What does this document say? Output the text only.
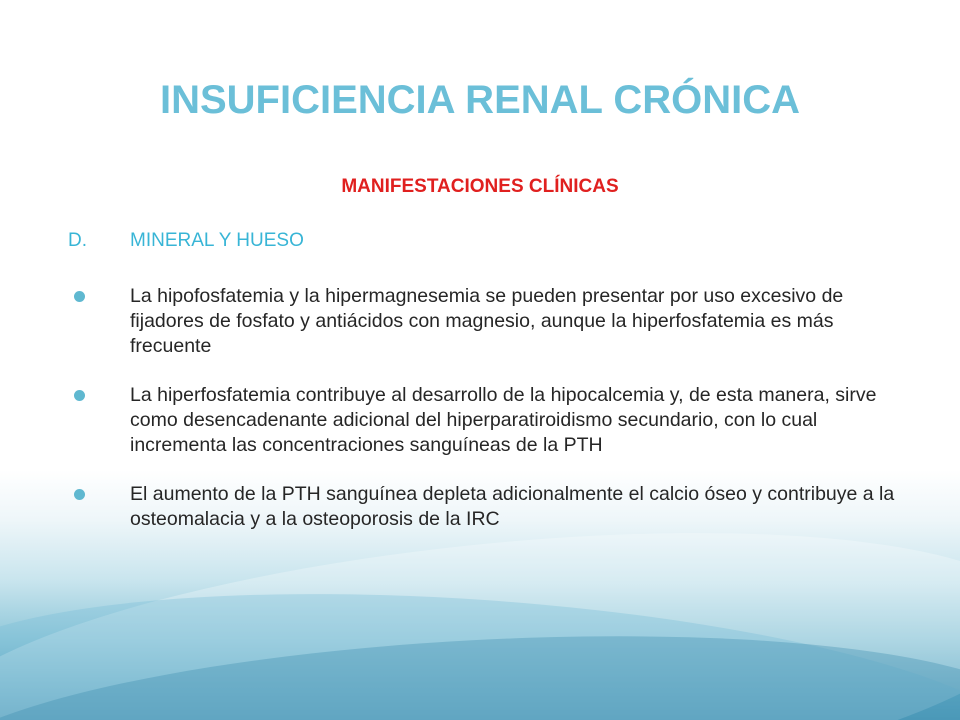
INSUFICIENCIA RENAL CRÓNICA
MANIFESTACIONES CLÍNICAS
D. MINERAL Y HUESO
La hipofosfatemia y la hipermagnesemia se pueden presentar por uso excesivo de fijadores de fosfato y antiácidos con magnesio, aunque la hiperfosfatemia es más frecuente
La hiperfosfatemia contribuye al desarrollo de la hipocalcemia y, de esta manera, sirve como desencadenante adicional del hiperparatiroidismo secundario, con lo cual incrementa las concentraciones sanguíneas de la PTH
El aumento de la PTH sanguínea depleta adicionalmente el calcio óseo y contribuye a la osteomalacia y a la osteoporosis de la IRC
